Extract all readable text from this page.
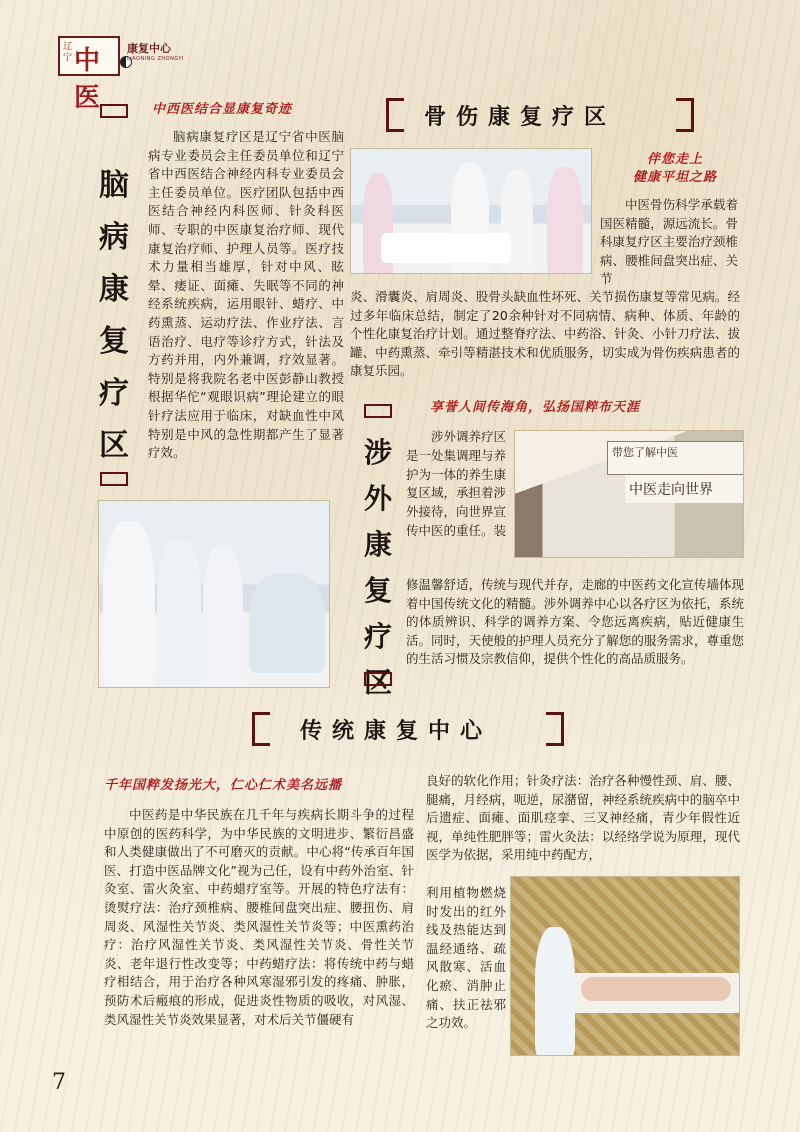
辽宁 中医
康复中心
LIAONING ZHONGYI
中西医结合显康复奇迹
脑病康复疗区

脑病康复疗区是辽宁省中医脑病专业委员会主任委员单位和辽宁省中西医结合神经内科专业委员会主任委员单位。医疗团队包括中西医结合神经内科医师、针灸科医师、专职的中医康复治疗师、现代康复治疗师、护理人员等。医疗技术力量相当雄厚，针对中风、眩晕、痿证、面瘫、失眠等不同的神经系统疾病，运用眼针、蜡疗、中药熏蒸、运动疗法、作业疗法、言语治疗、电疗等诊疗方式，针法及方药并用，内外兼调，疗效显著。特别是将我院名老中医彭静山教授根据华佗“观眼识病”理论建立的眼针疗法应用于临床，对缺血性中风特别是中风的急性期都产生了显著疗效。

骨伤康复疗区
伴您走上
健康平坦之路

中医骨伤科学承载着国医精髓，源远流长。骨科康复疗区主要治疗颈椎病、腰椎间盘突出症、关节

炎、滑囊炎、肩周炎、股骨头缺血性坏死、关节损伤康复等常见病。经过多年临床总结，制定了20余种针对不同病情、病种、体质、年龄的个性化康复治疗计划。通过整脊疗法、中药浴、针灸、小针刀疗法、拔罐、中药熏蒸、牵引等精湛技术和优质服务，切实成为骨伤疾病患者的康复乐园。

享誉人间传海角，弘扬国粹布天涯
涉外康复疗区

涉外调养疗区是一处集调理与养护为一体的养生康复区域，承担着涉外接待，向世界宣传中医的重任。装

带您了解中医
中医走向世界

修温馨舒适，传统与现代并存，走廊的中医药文化宣传墙体现着中国传统文化的精髓。涉外调养中心以各疗区为依托，系统的体质辨识、科学的调养方案、令您远离疾病，贴近健康生活。同时，天使般的护理人员充分了解您的服务需求，尊重您的生活习惯及宗教信仰，提供个性化的高品质服务。

传统康复中心
千年国粹发扬光大，仁心仁术美名远播

中医药是中华民族在几千年与疾病长期斗争的过程中原创的医药科学，为中华民族的文明进步、繁衍昌盛和人类健康做出了不可磨灭的贡献。中心将“传承百年国医、打造中医品牌文化”视为己任，设有中药外治室、针灸室、雷火灸室、中药蜡疗室等。开展的特色疗法有：烫熨疗法：治疗颈椎病、腰椎间盘突出症、腰扭伤、肩周炎、风湿性关节炎、类风湿性关节炎等；中医熏药治疗：治疗风湿性关节炎、类风湿性关节炎、骨性关节炎、老年退行性改变等；中药蜡疗法：将传统中药与蜡疗相结合，用于治疗各种风寒湿邪引发的疼痛、肿胀，预防术后瘢痕的形成，促进炎性物质的吸收，对风湿、类风湿性关节炎效果显著，对术后关节僵硬有

良好的软化作用；针灸疗法：治疗各种慢性颈、肩、腰、腿痛，月经病，呃逆，尿潴留，神经系统疾病中的脑卒中后遗症、面瘫、面肌痉挛、三叉神经痛，青少年假性近视，单纯性肥胖等；雷火灸法：以经络学说为原理，现代医学为依据，采用纯中药配方，

利用植物燃烧时发出的红外线及热能达到温经通络、疏风散寒、活血化瘀、消肿止痛、扶正祛邪之功效。

7
